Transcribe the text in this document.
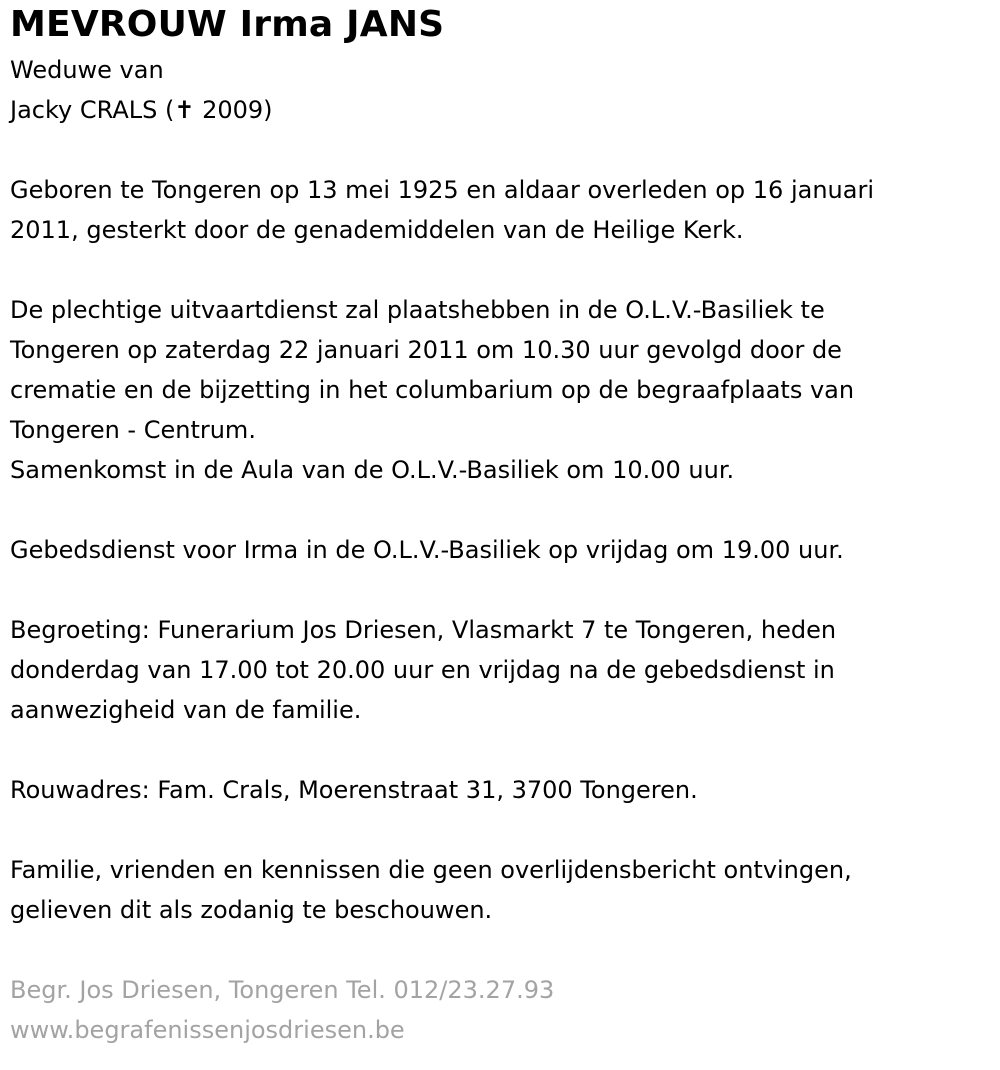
MEVROUW Irma JANS

Weduwe van

Jacky CRALS (✝ 2009)

Geboren te Tongeren op 13 mei 1925 en aldaar overleden op 16 januari

2011, gesterkt door de genademiddelen van de Heilige Kerk.

De plechtige uitvaartdienst zal plaatshebben in de O.L.V.-Basiliek te

Tongeren op zaterdag 22 januari 2011 om 10.30 uur gevolgd door de

crematie en de bijzetting in het columbarium op de begraafplaats van

Tongeren - Centrum.

Samenkomst in de Aula van de O.L.V.-Basiliek om 10.00 uur.

Gebedsdienst voor Irma in de O.L.V.-Basiliek op vrijdag om 19.00 uur.

Begroeting: Funerarium Jos Driesen, Vlasmarkt 7 te Tongeren, heden

donderdag van 17.00 tot 20.00 uur en vrijdag na de gebedsdienst in

aanwezigheid van de familie.

Rouwadres: Fam. Crals, Moerenstraat 31, 3700 Tongeren.

Familie, vrienden en kennissen die geen overlijdensbericht ontvingen,

gelieven dit als zodanig te beschouwen.

Begr. Jos Driesen, Tongeren Tel. 012/23.27.93

www.begrafenissenjosdriesen.be
